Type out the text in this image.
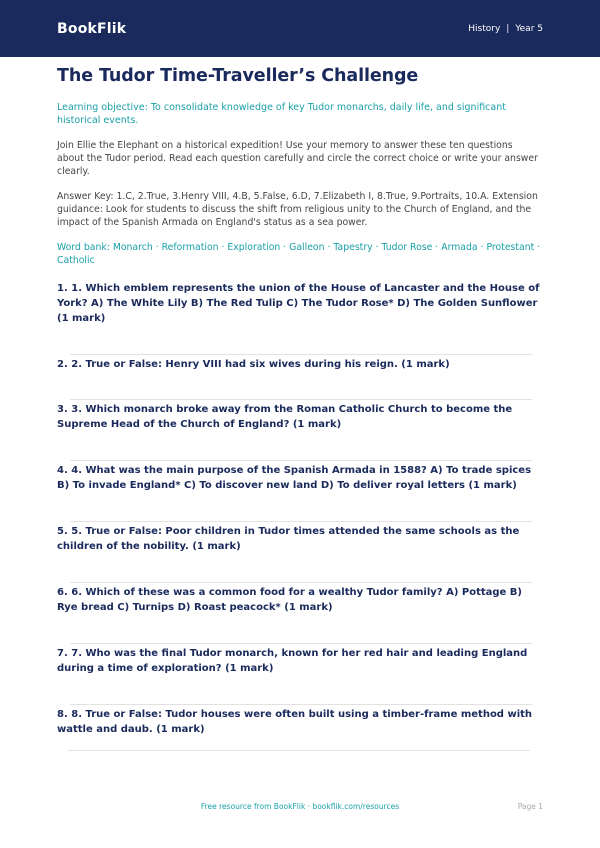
BookFlik	History | Year 5
The Tudor Time-Traveller’s Challenge
Learning objective: To consolidate knowledge of key Tudor monarchs, daily life, and significant historical events.
Join Ellie the Elephant on a historical expedition! Use your memory to answer these ten questions about the Tudor period. Read each question carefully and circle the correct choice or write your answer clearly.
Answer Key: 1.C, 2.True, 3.Henry VIII, 4.B, 5.False, 6.D, 7.Elizabeth I, 8.True, 9.Portraits, 10.A. Extension guidance: Look for students to discuss the shift from religious unity to the Church of England, and the impact of the Spanish Armada on England's status as a sea power.
Word bank: Monarch · Reformation · Exploration · Galleon · Tapestry · Tudor Rose · Armada · Protestant · Catholic

1. 1. Which emblem represents the union of the House of Lancaster and the House of York? A) The White Lily B) The Red Tulip C) The Tudor Rose* D) The Golden Sunflower (1 mark)

2. 2. True or False: Henry VIII had six wives during his reign. (1 mark)

3. 3. Which monarch broke away from the Roman Catholic Church to become the Supreme Head of the Church of England? (1 mark)

4. 4. What was the main purpose of the Spanish Armada in 1588? A) To trade spices B) To invade England* C) To discover new land D) To deliver royal letters (1 mark)

5. 5. True or False: Poor children in Tudor times attended the same schools as the children of the nobility. (1 mark)

6. 6. Which of these was a common food for a wealthy Tudor family? A) Pottage B) Rye bread C) Turnips D) Roast peacock* (1 mark)

7. 7. Who was the final Tudor monarch, known for her red hair and leading England during a time of exploration? (1 mark)

8. 8. True or False: Tudor houses were often built using a timber-frame method with wattle and daub. (1 mark)

Free resource from BookFlik · bookflik.com/resources	Page 1
